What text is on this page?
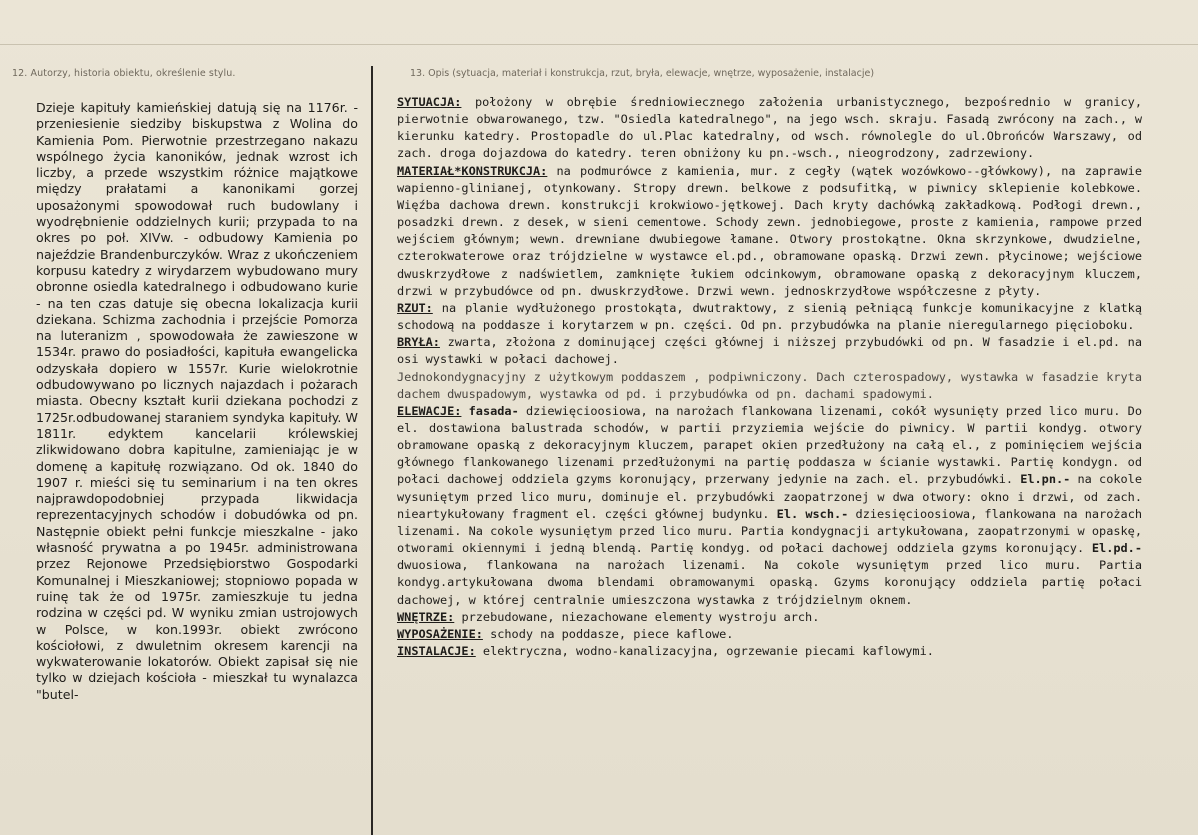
12. Autorzy, historia obiektu, określenie stylu.	13. Opis (sytuacja, materiał i konstrukcja, rzut, bryła, elewacje, wnętrze, wyposażenie, instalacje)
Dzieje kapituły kamieńskiej datują się na 1176r. - przeniesienie siedziby biskupstwa z Wolina do Kamienia Pom. Pierwotnie przestrzegano nakazu wspólnego życia kanoników, jednak wzrost ich liczby, a przede wszystkim różnice majątkowe między prałatami a kanonikami gorzej uposażonymi spowodował ruch budowlany i wyodrębnienie oddzielnych kurii; przypada to na okres po poł. XIVw. - odbudowy Kamienia po najeździe Brandenburczyków. Wraz z ukończeniem korpusu katedry z wirydarzem wybudowano mury obronne osiedla katedralnego i odbudowano kurie - na ten czas datuje się obecna lokalizacja kurii dziekana. Schizma zachodnia i przejście Pomorza na luteranizm , spowodowała że zawieszone w 1534r. prawo do posiadłości, kapituła ewangelicka odzyskała dopiero w 1557r. Kurie wielokrotnie odbudowywano po licznych najazdach i pożarach miasta. Obecny kształt kurii dziekana pochodzi z 1725r.odbudowanej staraniem syndyka kapituły. W 1811r. edyktem kancelarii królewskiej zlikwidowano dobra kapitulne, zamieniając je w domenę a kapitułę rozwiązano. Od ok. 1840 do 1907 r. mieści się tu seminarium i na ten okres najprawdopodobniej przypada likwidacja reprezentacyjnych schodów i dobudówka od pn. Następnie obiekt pełni funkcje mieszkalne - jako własność prywatna a po 1945r. administrowana przez Rejonowe Przedsiębiorstwo Gospodarki Komunalnej i Mieszkaniowej; stopniowo popada w ruinę tak że od 1975r. zamieszkuje tu jedna rodzina w części pd. W wyniku zmian ustrojowych w Polsce, w kon.1993r. obiekt zwrócono kościołowi, z dwuletnim okresem karencji na wykwaterowanie lokatorów. Obiekt zapisał się nie tylko w dziejach kościoła - mieszkał tu wynalazca "butel-

SYTUACJA: położony w obrębie średniowiecznego założenia urbanistycznego, bezpośrednio w granicy, pierwotnie obwarowanego, tzw. "Osiedla katedralnego", na jego wsch. skraju. Fasadą zwrócony na zach., w kierunku katedry. Prostopadle do ul.Plac katedralny, od wsch. równolegle do ul.Obrońców Warszawy, od zach. droga dojazdowa do katedry. teren obniżony ku pn.-wsch., nieogrodzony, zadrzewiony.

MATERIAŁ*KONSTRUKCJA: na podmurówce z kamienia, mur. z cegły (wątek wozówkowo--główkowy), na zaprawie wapienno-glinianej, otynkowany. Stropy drewn. belkowe z podsufitką, w piwnicy sklepienie kolebkowe. Więźba dachowa drewn. konstrukcji krokwiowo-jętkowej. Dach kryty dachówką zakładkową. Podłogi drewn., posadzki drewn. z desek, w sieni cementowe. Schody zewn. jednobiegowe, proste z kamienia, rampowe przed wejściem głównym; wewn. drewniane dwubiegowe łamane. Otwory prostokątne. Okna skrzynkowe, dwudzielne, czterokwaterowe oraz trójdzielne w wystawce el.pd., obramowane opaską. Drzwi zewn. płycinowe; wejściowe dwuskrzydłowe z nadświetlem, zamknięte łukiem odcinkowym, obramowane opaską z dekoracyjnym kluczem, drzwi w przybudówce od pn. dwuskrzydłowe. Drzwi wewn. jednoskrzydłowe współczesne z płyty.

RZUT: na planie wydłużonego prostokąta, dwutraktowy, z sienią pełniącą funkcje komunikacyjne z klatką schodową na poddasze i korytarzem w pn. części. Od pn. przybudówka na planie nieregularnego pięcioboku.

BRYŁA: zwarta, złożona z dominującej części głównej i niższej przybudówki od pn. W fasadzie i el.pd. na osi wystawki w połaci dachowej.

Jednokondygnacyjny z użytkowym poddaszem , podpiwniczony. Dach czterospadowy, wystawka w fasadzie kryta dachem dwuspadowym, wystawka od pd. i przybudówka od pn. dachami spadowymi.

ELEWACJE: fasada- dziewięcioosiowa, na narożach flankowana lizenami, cokół wysunięty przed lico muru. Do el. dostawiona balustrada schodów, w partii przyziemia wejście do piwnicy. W partii kondyg. otwory obramowane opaską z dekoracyjnym kluczem, parapet okien przedłużony na całą el., z pominięciem wejścia głównego flankowanego lizenami przedłużonymi na partię poddasza w ścianie wystawki. Partię kondygn. od połaci dachowej oddziela gzyms koronujący, przerwany jedynie na zach. el. przybudówki. El.pn.- na cokole wysuniętym przed lico muru, dominuje el. przybudówki zaopatrzonej w dwa otwory: okno i drzwi, od zach. nieartykułowany fragment el. części głównej budynku. El. wsch.- dziesięcioosiowa, flankowana na narożach lizenami. Na cokole wysuniętym przed lico muru. Partia kondygnacji artykułowana, zaopatrzonymi w opaskę, otworami okiennymi i jedną blendą. Partię kondyg. od połaci dachowej oddziela gzyms koronujący. El.pd.- dwuosiowa, flankowana na narożach lizenami. Na cokole wysuniętym przed lico muru. Partia kondyg.artykułowana dwoma blendami obramowanymi opaską. Gzyms koronujący oddziela partię połaci dachowej, w której centralnie umieszczona wystawka z trójdzielnym oknem.

WNĘTRZE: przebudowane, niezachowane elementy wystroju arch.

WYPOSAŻENIE: schody na poddasze, piece kaflowe.

INSTALACJE: elektryczna, wodno-kanalizacyjna, ogrzewanie piecami kaflowymi.
